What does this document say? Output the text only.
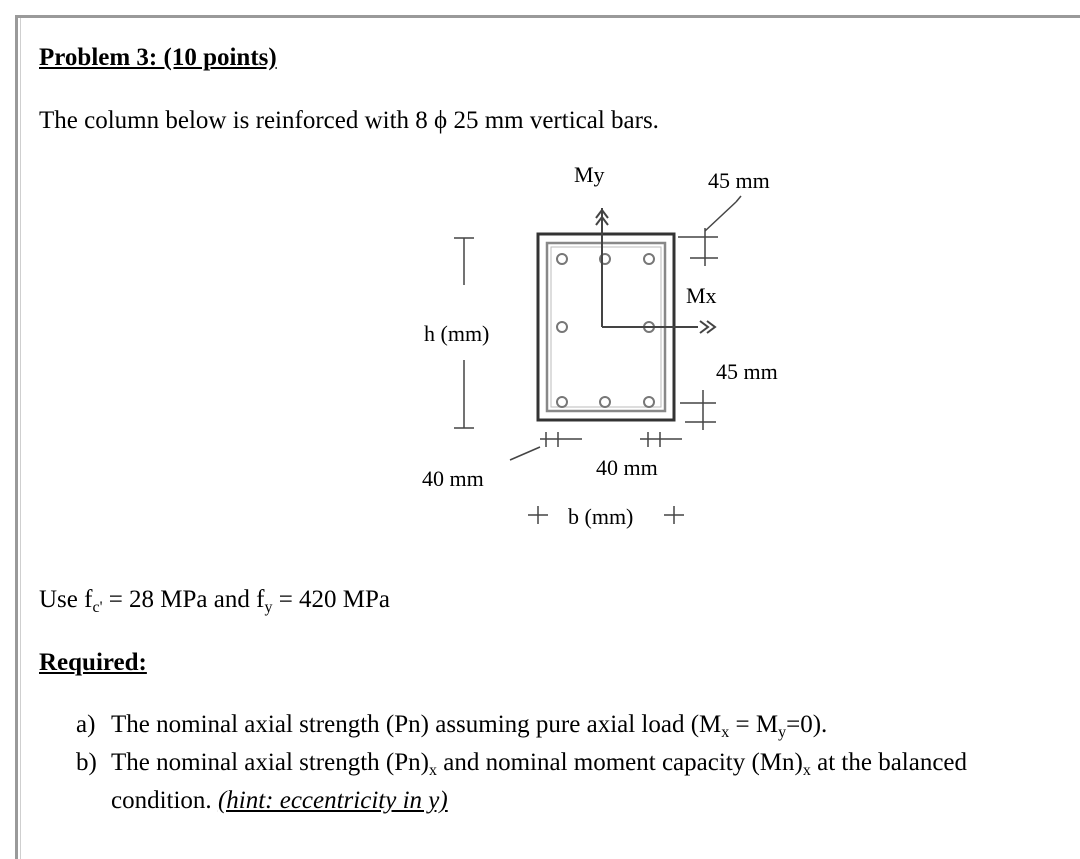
Problem 3: (10 points)
The column below is reinforced with 8 ϕ 25 mm vertical bars.
My
Mx
45 mm
45 mm
h (mm)
40 mm	40 mm
b (mm)
Use $f_{c'} = 28$ MPa and $f_y = 420$ MPa
Required:
a) The nominal axial strength (Pn) assuming pure axial load $(M_x = M_y=0)$.
b) The nominal axial strength $(Pn)_x$ and nominal moment capacity $(Mn)_x$ at the balanced
condition. (hint: eccentricity in y)
